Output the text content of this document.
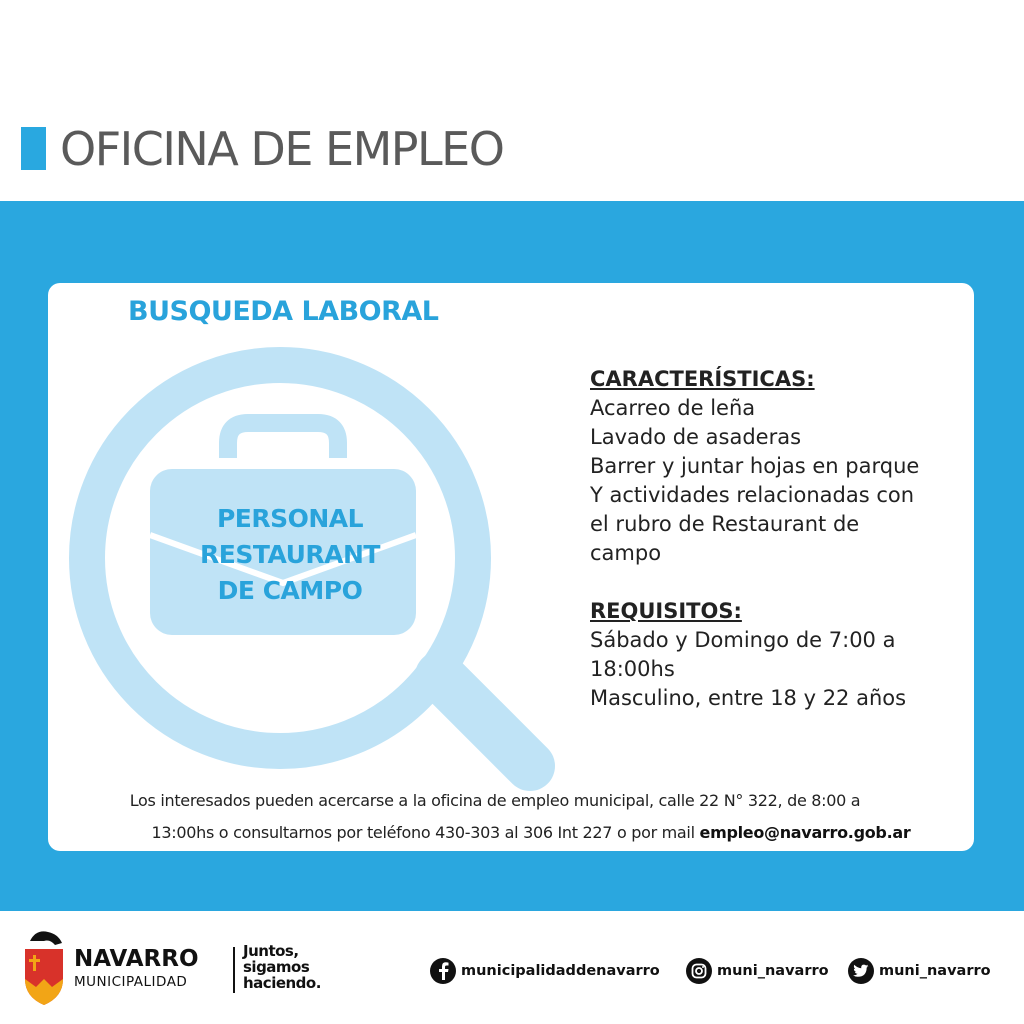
OFICINA DE EMPLEO
BUSQUEDA LABORAL
PERSONAL
RESTAURANT
DE CAMPO
CARACTERÍSTICAS:
Acarreo de leña
Lavado de asaderas
Barrer y juntar hojas en parque
Y actividades relacionadas con
el rubro de Restaurant de
campo
REQUISITOS:
Sábado y Domingo de 7:00 a
18:00hs
Masculino, entre 18 y 22 años
Los interesados pueden acercarse a la oficina de empleo municipal, calle 22 N° 322, de 8:00 a
13:00hs o consultarnos por teléfono 430-303 al 306 Int 227 o por mail empleo@navarro.gob.ar
NAVARRO
MUNICIPALIDAD
Juntos,
sigamos
haciendo.
municipalidaddenavarro	muni_navarro	muni_navarro
